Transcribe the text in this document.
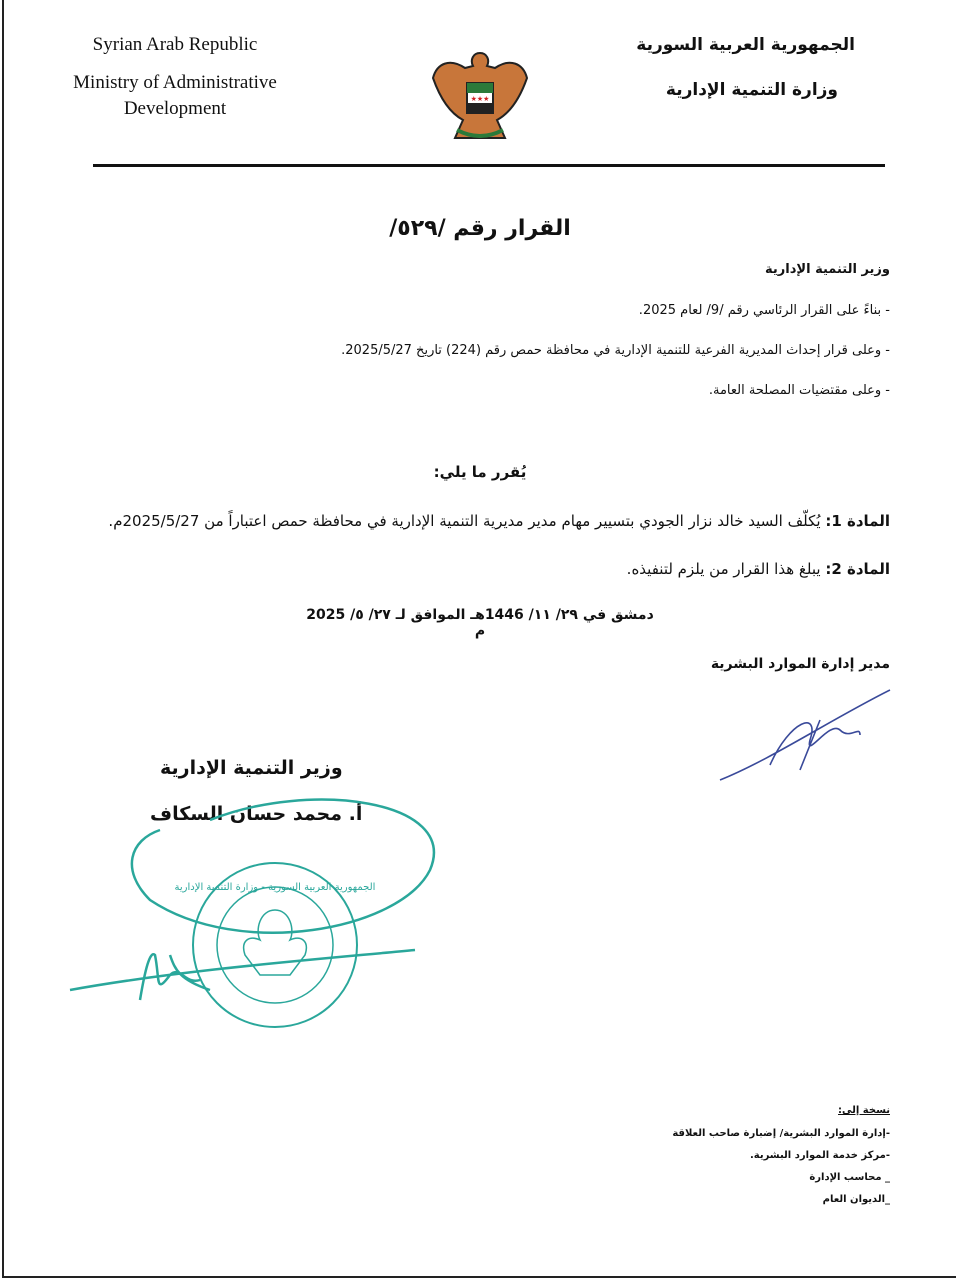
Syrian Arab Republic
Ministry of Administrative
Development	★★★
الجمهورية العربية السورية
وزارة التنمية الإدارية
القرار رقم /٥٢٩/
وزير التنمية الإدارية
- بناءً على القرار الرئاسي رقم /9/ لعام 2025.
- وعلى قرار إحداث المديرية الفرعية للتنمية الإدارية في محافظة حمص رقم (224) تاريخ 2025/5/27.
- وعلى مقتضيات المصلحة العامة.
يُقرر ما يلي:
المادة 1: يُكلّف السيد خالد نزار الجودي بتسيير مهام مدير مديرية التنمية الإدارية في محافظة حمص اعتباراً من 2025/5/27م.
المادة 2: يبلغ هذا القرار من يلزم لتنفيذه.
دمشق في ٢٩/ ١١/ 1446هـ الموافق لـ ٢٧/ ٥/ 2025 م
مدير إدارة الموارد البشرية
وزير التنمية الإدارية
أ. محمد حسان السكاف
الجمهورية العربية السورية - وزارة التنمية الإدارية
نسخة إلى:
-إدارة الموارد البشرية/ إضبارة صاحب العلاقة
-مركز خدمة الموارد البشرية.
_ محاسب الإدارة
_الديوان العام
